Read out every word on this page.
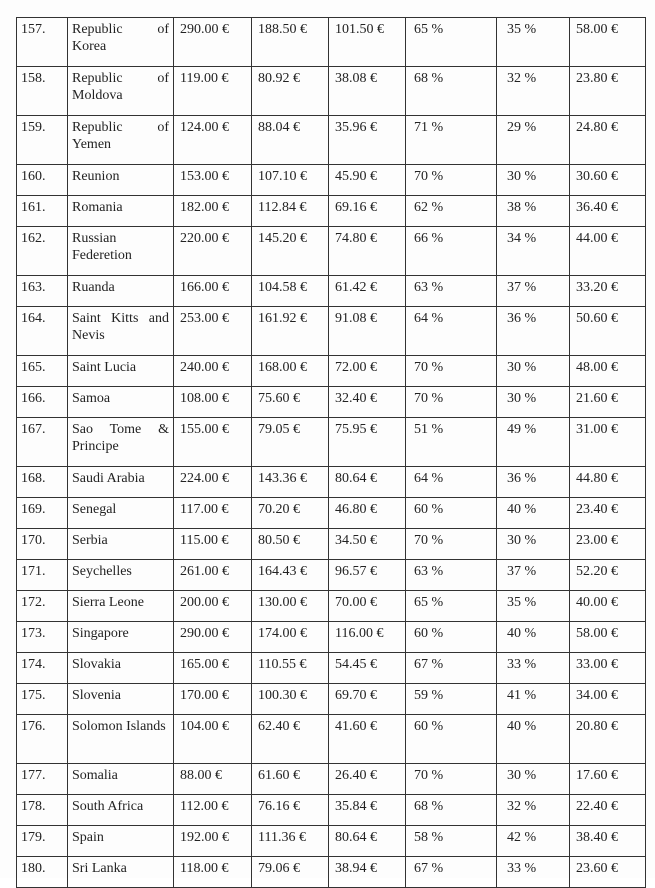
157.	Republic of Korea	290.00 €	188.50 €	101.50 €	65 %	35 %	58.00 €
158.	Republic of Moldova	119.00 €	80.92 €	38.08 €	68 %	32 %	23.80 €
159.	Republic of Yemen	124.00 €	88.04 €	35.96 €	71 %	29 %	24.80 €
160.	Reunion	153.00 €	107.10 €	45.90 €	70 %	30 %	30.60 €
161.	Romania	182.00 €	112.84 €	69.16 €	62 %	38 %	36.40 €
162.	Russian Federetion	220.00 €	145.20 €	74.80 €	66 %	34 %	44.00 €
163.	Ruanda	166.00 €	104.58 €	61.42 €	63 %	37 %	33.20 €
164.	Saint Kitts and Nevis	253.00 €	161.92 €	91.08 €	64 %	36 %	50.60 €
165.	Saint Lucia	240.00 €	168.00 €	72.00 €	70 %	30 %	48.00 €
166.	Samoa	108.00 €	75.60 €	32.40 €	70 %	30 %	21.60 €
167.	Sao Tome & Principe	155.00 €	79.05 €	75.95 €	51 %	49 %	31.00 €
168.	Saudi Arabia	224.00 €	143.36 €	80.64 €	64 %	36 %	44.80 €
169.	Senegal	117.00 €	70.20 €	46.80 €	60 %	40 %	23.40 €
170.	Serbia	115.00 €	80.50 €	34.50 €	70 %	30 %	23.00 €
171.	Seychelles	261.00 €	164.43 €	96.57 €	63 %	37 %	52.20 €
172.	Sierra Leone	200.00 €	130.00 €	70.00 €	65 %	35 %	40.00 €
173.	Singapore	290.00 €	174.00 €	116.00 €	60 %	40 %	58.00 €
174.	Slovakia	165.00 €	110.55 €	54.45 €	67 %	33 %	33.00 €
175.	Slovenia	170.00 €	100.30 €	69.70 €	59 %	41 %	34.00 €
176.	Solomon Islands	104.00 €	62.40 €	41.60 €	60 %	40 %	20.80 €
177.	Somalia	88.00 €	61.60 €	26.40 €	70 %	30 %	17.60 €
178.	South Africa	112.00 €	76.16 €	35.84 €	68 %	32 %	22.40 €
179.	Spain	192.00 €	111.36 €	80.64 €	58 %	42 %	38.40 €
180.	Sri Lanka	118.00 €	79.06 €	38.94 €	67 %	33 %	23.60 €
